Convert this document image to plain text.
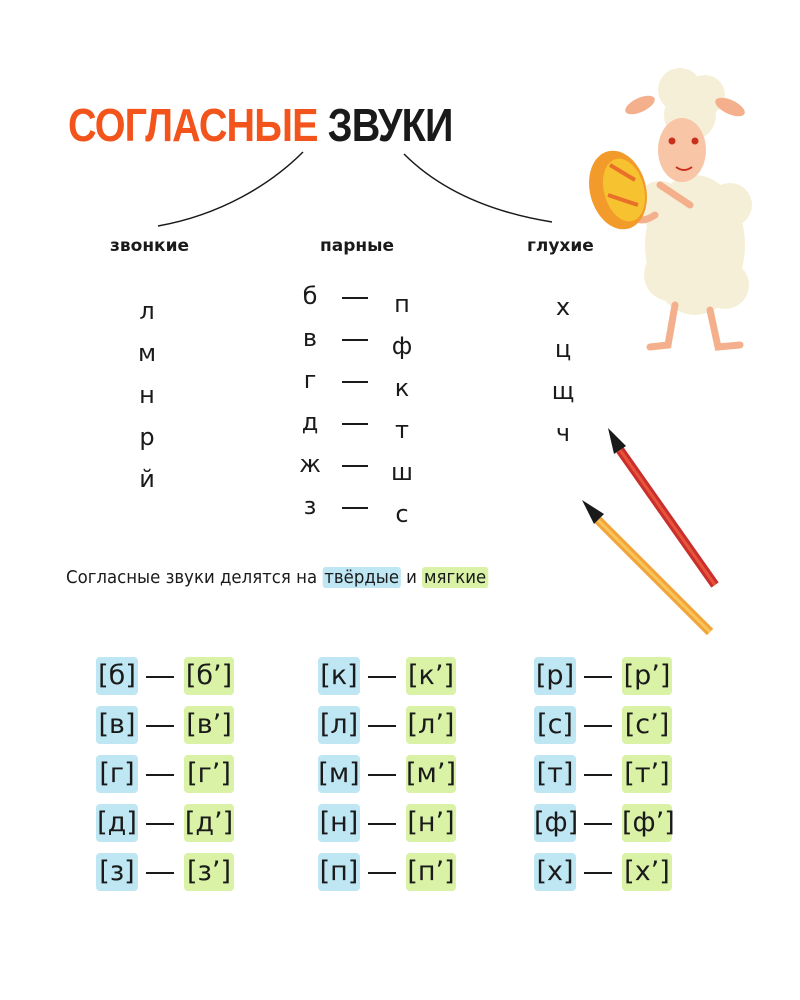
СОГЛАСНЫЕ ЗВУКИ
звонкие	парные	глухие
л
м
н
р
й
б	п
в	ф
г	к
д	т
ж	ш
з	с
х
ц
щ
ч
Согласные звуки делятся на твёрдые и мягкие
[б] [б’]
[в] [в’]
[г] [г’]
[д] [д’]
[з] [з’]
[к] [к’]
[л] [л’]
[м] [м’]
[н] [н’]
[п] [п’]
[р] [р’]
[с] [с’]
[т] [т’]
[ф] [ф’]
[х] [х’]
